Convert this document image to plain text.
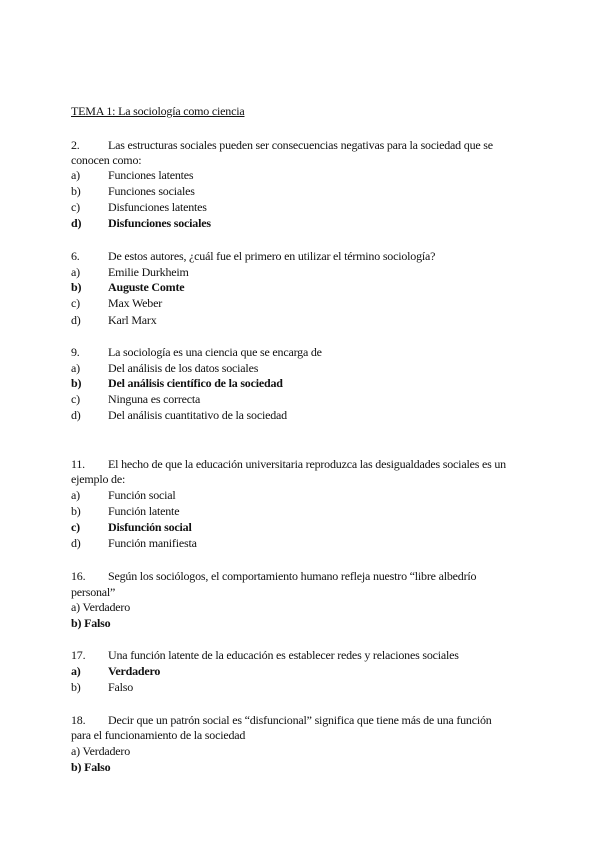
TEMA 1: La sociología como ciencia
2. Las estructuras sociales pueden ser consecuencias negativas para la sociedad que se
conocen como:
a) Funciones latentes
b) Funciones sociales
c) Disfunciones latentes
d) Disfunciones sociales
6. De estos autores, ¿cuál fue el primero en utilizar el término sociología?
a) Emilie Durkheim
b) Auguste Comte
c) Max Weber
d) Karl Marx
9. La sociología es una ciencia que se encarga de
a) Del análisis de los datos sociales
b) Del análisis científico de la sociedad
c) Ninguna es correcta
d) Del análisis cuantitativo de la sociedad
11. El hecho de que la educación universitaria reproduzca las desigualdades sociales es un
ejemplo de:
a) Función social
b) Función latente
c) Disfunción social
d) Función manifiesta
16. Según los sociólogos, el comportamiento humano refleja nuestro “libre albedrío
personal”
a) Verdadero
b) Falso
17. Una función latente de la educación es establecer redes y relaciones sociales
a) Verdadero
b) Falso
18. Decir que un patrón social es “disfuncional” significa que tiene más de una función
para el funcionamiento de la sociedad
a) Verdadero
b) Falso
